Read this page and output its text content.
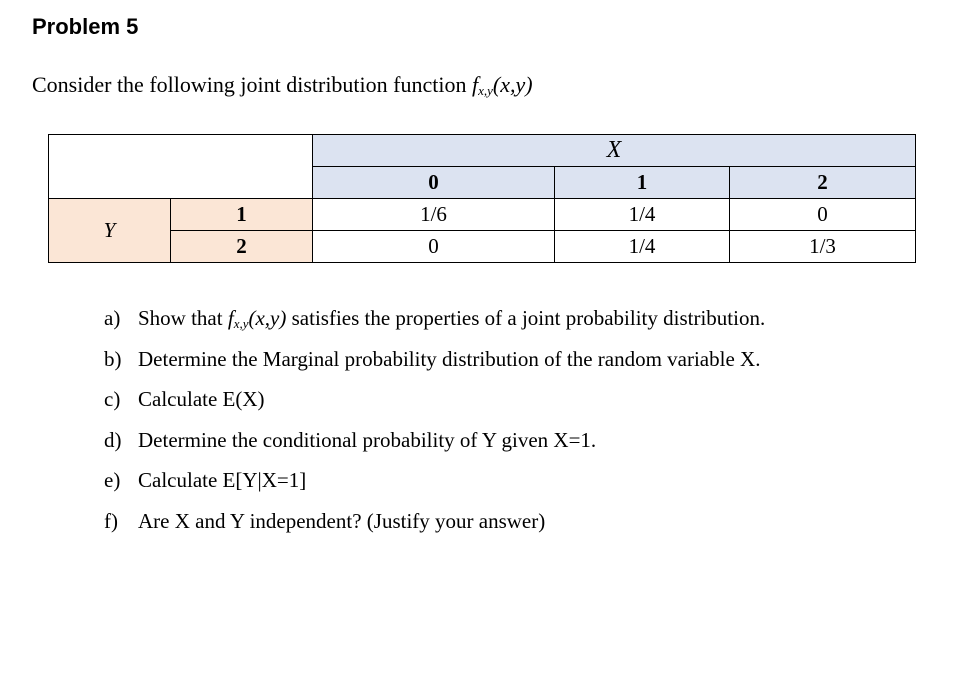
Problem 5
Consider the following joint distribution function $f_{x,y}(x,y)$
		X		
		0	1	2
Y	1	1/6	1/4	0
	2	0	1/4	1/3
a) Show that $f_{x,y}(x,y)$ satisfies the properties of a joint probability distribution.
b) Determine the Marginal probability distribution of the random variable X.
c) Calculate E(X)
d) Determine the conditional probability of Y given X=1.
e) Calculate E[Y|X=1]
f) Are X and Y independent? (Justify your answer)
